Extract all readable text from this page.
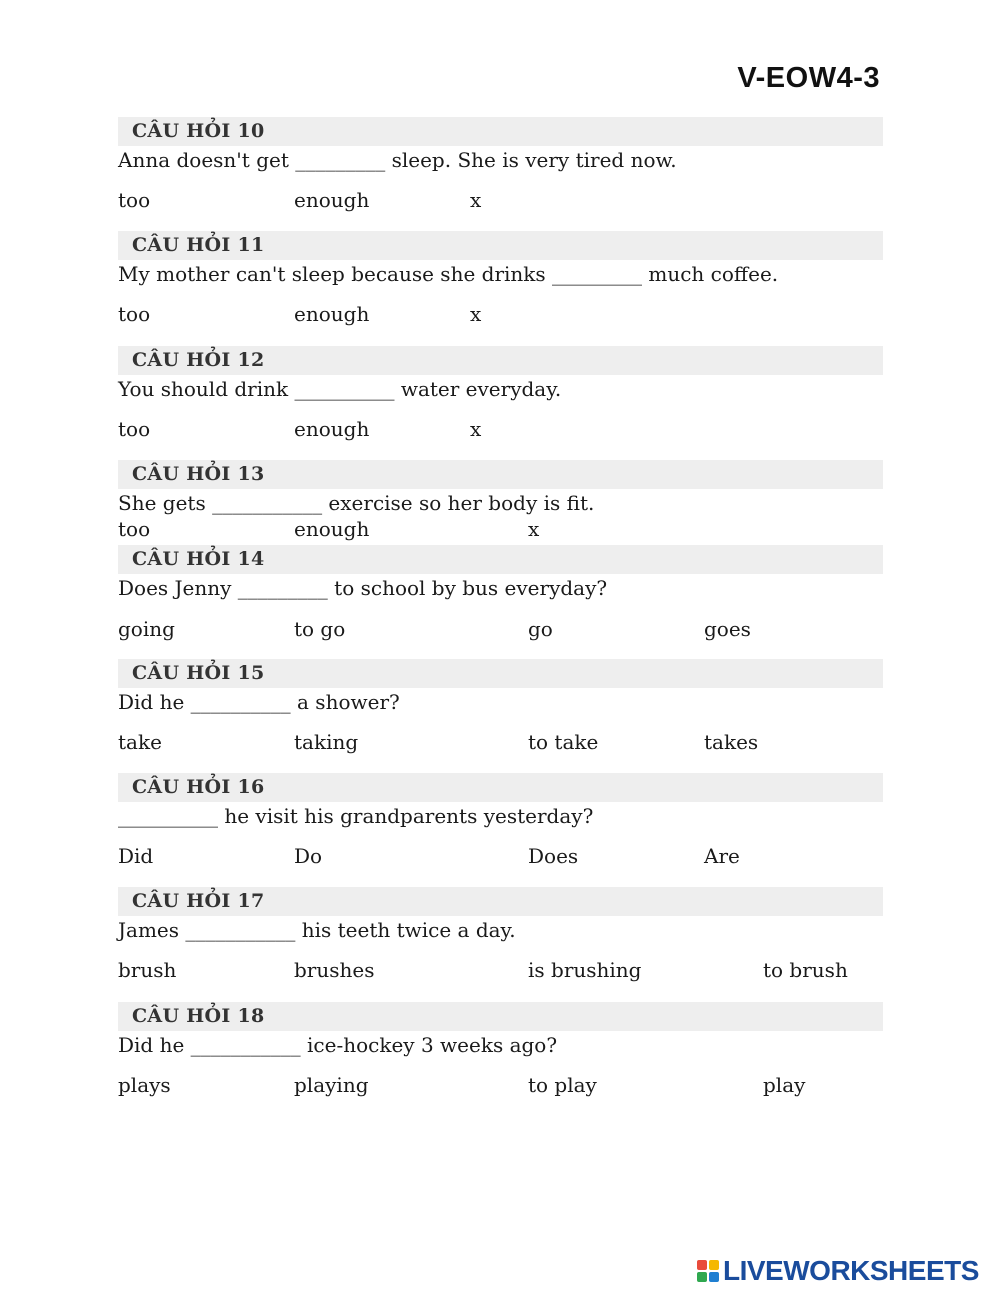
V-EOW4-3
CÂU HỎI 10
Anna doesn't get _________ sleep. She is very tired now.
too	enough	x
CÂU HỎI 11
My mother can't sleep because she drinks _________ much coffee.
too	enough	x
CÂU HỎI 12
You should drink __________ water everyday.
too	enough	x
CÂU HỎI 13
She gets ___________ exercise so her body is fit.
too	enough	x
CÂU HỎI 14
Does Jenny _________ to school by bus everyday?
going	to go	go	goes
CÂU HỎI 15
Did he __________ a shower?
take	taking	to take	takes
CÂU HỎI 16
__________ he visit his grandparents yesterday?
Did	Do	Does	Are
CÂU HỎI 17
James ___________ his teeth twice a day.
brush	brushes	is brushing	to brush
CÂU HỎI 18
Did he ___________ ice-hockey 3 weeks ago?
plays	playing	to play	play
LIVEWORKSHEETS
